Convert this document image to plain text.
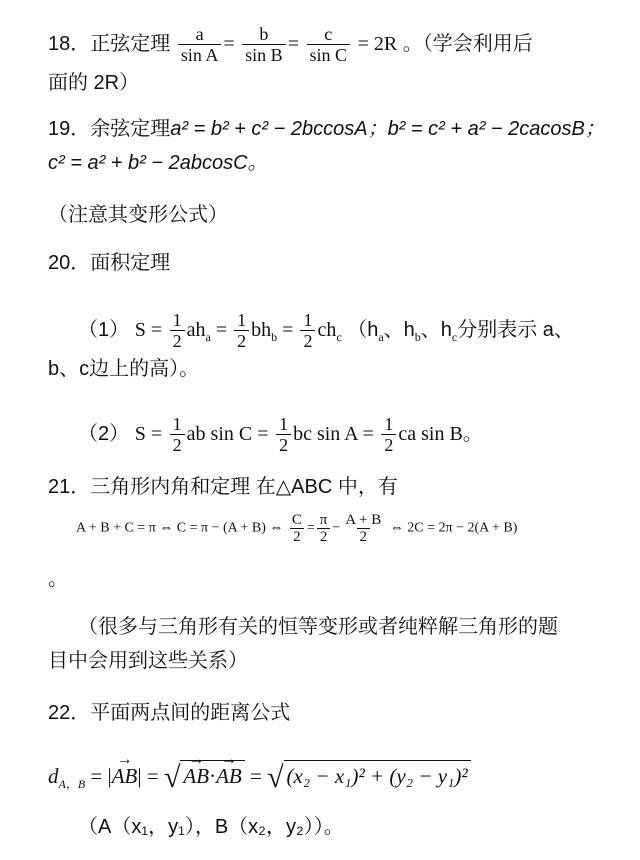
18．正弦定理 $\frac{a}{\text{sin A}} = \frac{b}{\text{sin B}} = \frac{c}{\text{sin C}} = 2R$ 。（学会利用后
面的 2R）
19．余弦定理a² = b² + c² − 2bccosA；b² = c² + a² − 2cacosB；
c² = a² + b² − 2abcosC。
（注意其变形公式）
20．面积定理
（1） $S = \frac{1}{2} ah_a = \frac{1}{2} bh_b = \frac{1}{2} ch_c$ （$h_a$、$h_b$、$h_c$分别表示 a、
b、c边上的高）。
（2） $S = \frac{1}{2}$ ab $\sin C = \frac{1}{2}$ bc $\sin A = \frac{1}{2}$ ca sin B。
21．三角形内角和定理 在△ABC 中，有
A + B + C = π ⇔ C = π − (A + B) ⇔ $\frac{C}{2} = \frac{\pi}{2} - \frac{A + B}{2}$ ⇔ 2C = 2π − 2(A + B)
。
（很多与三角形有关的恒等变形或者纯粹解三角形的题
目中会用到这些关系）
22．平面两点间的距离公式
$d_{A,B}$ = |→ AB| = √→ AB·→ AB = √ (x₂ − x₁)² + (y₂ − y₁)²
（A（x₁，y₁），B（x₂，y₂））。
